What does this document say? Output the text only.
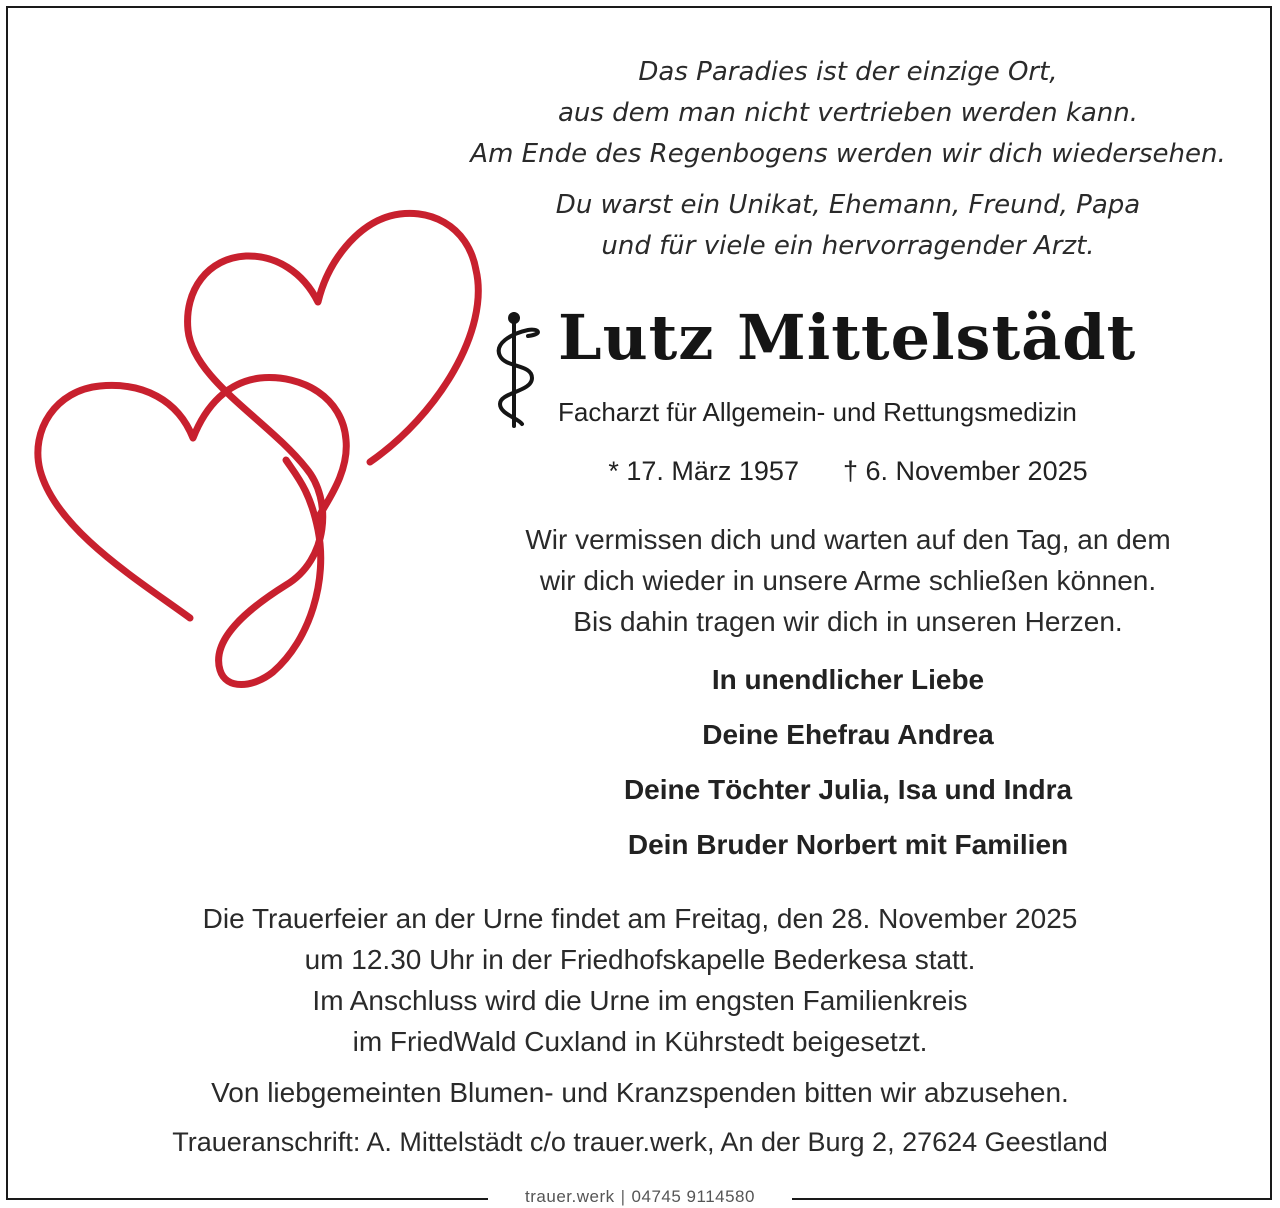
Das Paradies ist der einzige Ort,
aus dem man nicht vertrieben werden kann.
Am Ende des Regenbogens werden wir dich wiedersehen.
Du warst ein Unikat, Ehemann, Freund, Papa
und für viele ein hervorragender Arzt.
Lutz Mittelstädt
Facharzt für Allgemein- und Rettungsmedizin
* 17. März 1957 † 6. November 2025
Wir vermissen dich und warten auf den Tag, an dem
wir dich wieder in unsere Arme schließen können.
Bis dahin tragen wir dich in unseren Herzen.
In unendlicher Liebe
Deine Ehefrau Andrea
Deine Töchter Julia, Isa und Indra
Dein Bruder Norbert mit Familien
Die Trauerfeier an der Urne findet am Freitag, den 28. November 2025
um 12.30 Uhr in der Friedhofskapelle Bederkesa statt.
Im Anschluss wird die Urne im engsten Familienkreis
im FriedWald Cuxland in Kührstedt beigesetzt.
Von liebgemeinten Blumen- und Kranzspenden bitten wir abzusehen.
Traueranschrift: A. Mittelstädt c/o trauer.werk, An der Burg 2, 27624 Geestland
trauer.werk | 04745 9114580
